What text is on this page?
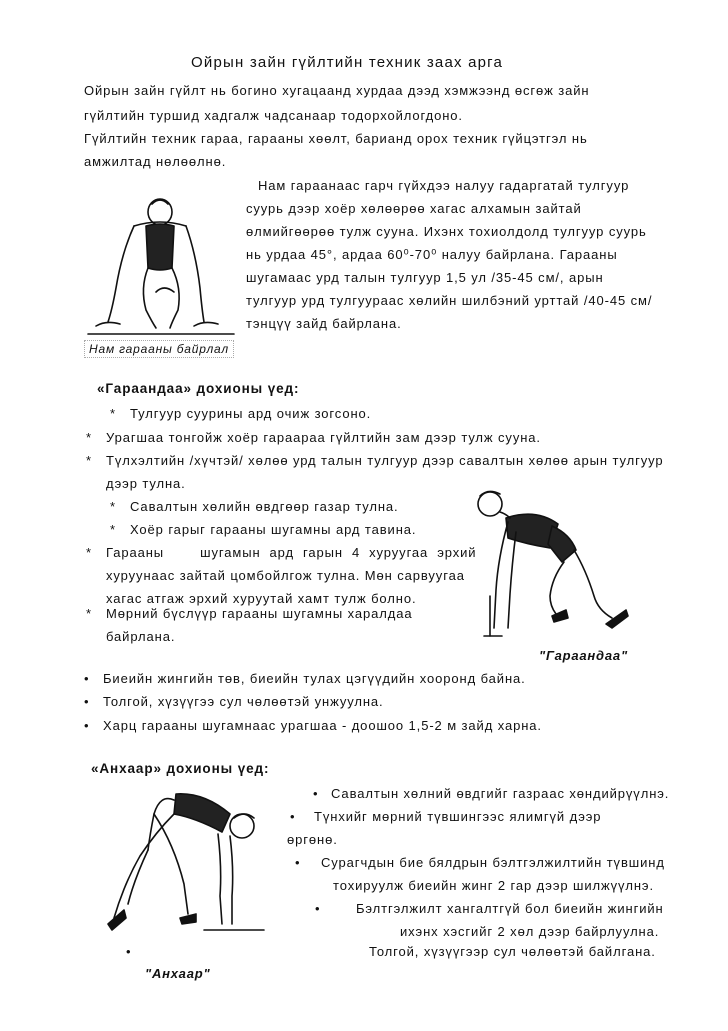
Ойрын зайн гүйлтийн техник заах арга
Ойрын зайн гүйлт нь богино хугацаанд хурдаа дээд хэмжээнд өсгөж зайн
гүйлтийн туршид хадгалж чадсанаар тодорхойлогдоно.
Гүйлтийн техник гараа, гарааны хөөлт, барианд орох техник гүйцэтгэл нь
амжилтад нөлөөлнө.
Нам гараанаас гарч гүйхдээ налуу гадаргатай тулгуур
суурь дээр хоёр хөлөөрөө хагас алхамын зайтай
өлмийгөөрөө тулж сууна. Ихэнх тохиолдолд тулгуур суурь
нь урдаа 45°, ардаа 60⁰-70⁰ налуу байрлана. Гарааны
шугамаас урд талын тулгуур 1,5 ул /35-45 см/, арын
тулгуур урд тулгуураас хөлийн шилбэний урттай /40-45 см/
тэнцүү зайд байрлана.
Нам гарааны байрлал
«Гараандаа» дохионы үед:
* Тулгуур суурины ард очиж зогсоно.
* Урагшаа тонгойж хоёр гараараа гүйлтийн зам дээр тулж сууна.
* Түлхэлтийн /хүчтэй/ хөлөө урд талын тулгуур дээр савалтын хөлөө арын тулгуур
дээр тулна.
* Савалтын хөлийн өвдгөөр газар тулна.
* Хоёр гарыг гарааны шугамны ард тавина.
* Гарааны        шугамын  ард  гарын  4  хуруугаа  эрхий
хуруунаас зайтай цомбойлгож тулна. Мөн сарвуугаа
хагас атгаж эрхий хуруутай хамт тулж болно.
* Мөрний бүслүүр гарааны шугамны харалдаа
байрлана.
"Гараандаа"
• Биеийн жингийн төв, биеийн тулах цэгүүдийн хооронд байна.
• Толгой, хүзүүгээ сул чөлөөтэй унжуулна.
• Харц гарааны шугамнаас урагшаа - доошоо 1,5-2 м зайд харна.
«Анхаар» дохионы үед:
• Савалтын хөлний өвдгийг газраас хөндийрүүлнэ.
• Түнхийг мөрний түвшингээс ялимгүй дээр
өргөнө.
• Сурагчдын бие бялдрын бэлтгэлжилтийн түвшинд
тохируулж биеийн жинг 2 гар дээр шилжүүлнэ.
•	Бэлтгэлжилт хангалтгүй бол биеийн жингийн
ихэнх хэсгийг 2 хөл дээр байрлуулна.
•	Толгой, хүзүүгээр сул чөлөөтэй байлгана.
"Анхаар"
